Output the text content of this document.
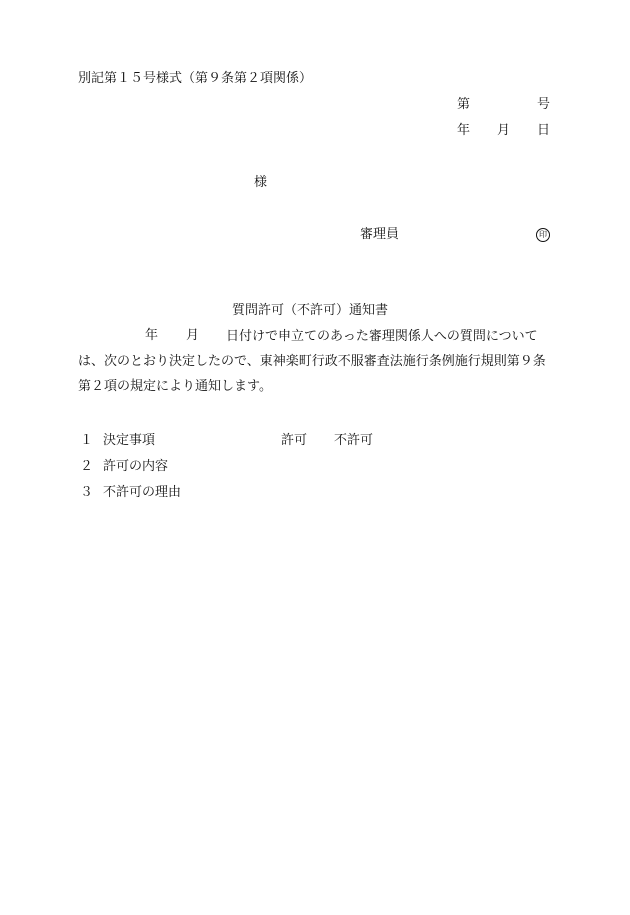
別記第１５号様式（第９条第２項関係）
第	号
年 月 日
様
審理員	印
質問許可（不許可）通知書
年 月	日付けで申立てのあった審理関係人への質問については、次のとおり決定したので、東神楽町行政不服審査法施行条例施行規則第９条第２項の規定により通知します。
１ 決定事項	許可 不許可
２ 許可の内容
３ 不許可の理由
